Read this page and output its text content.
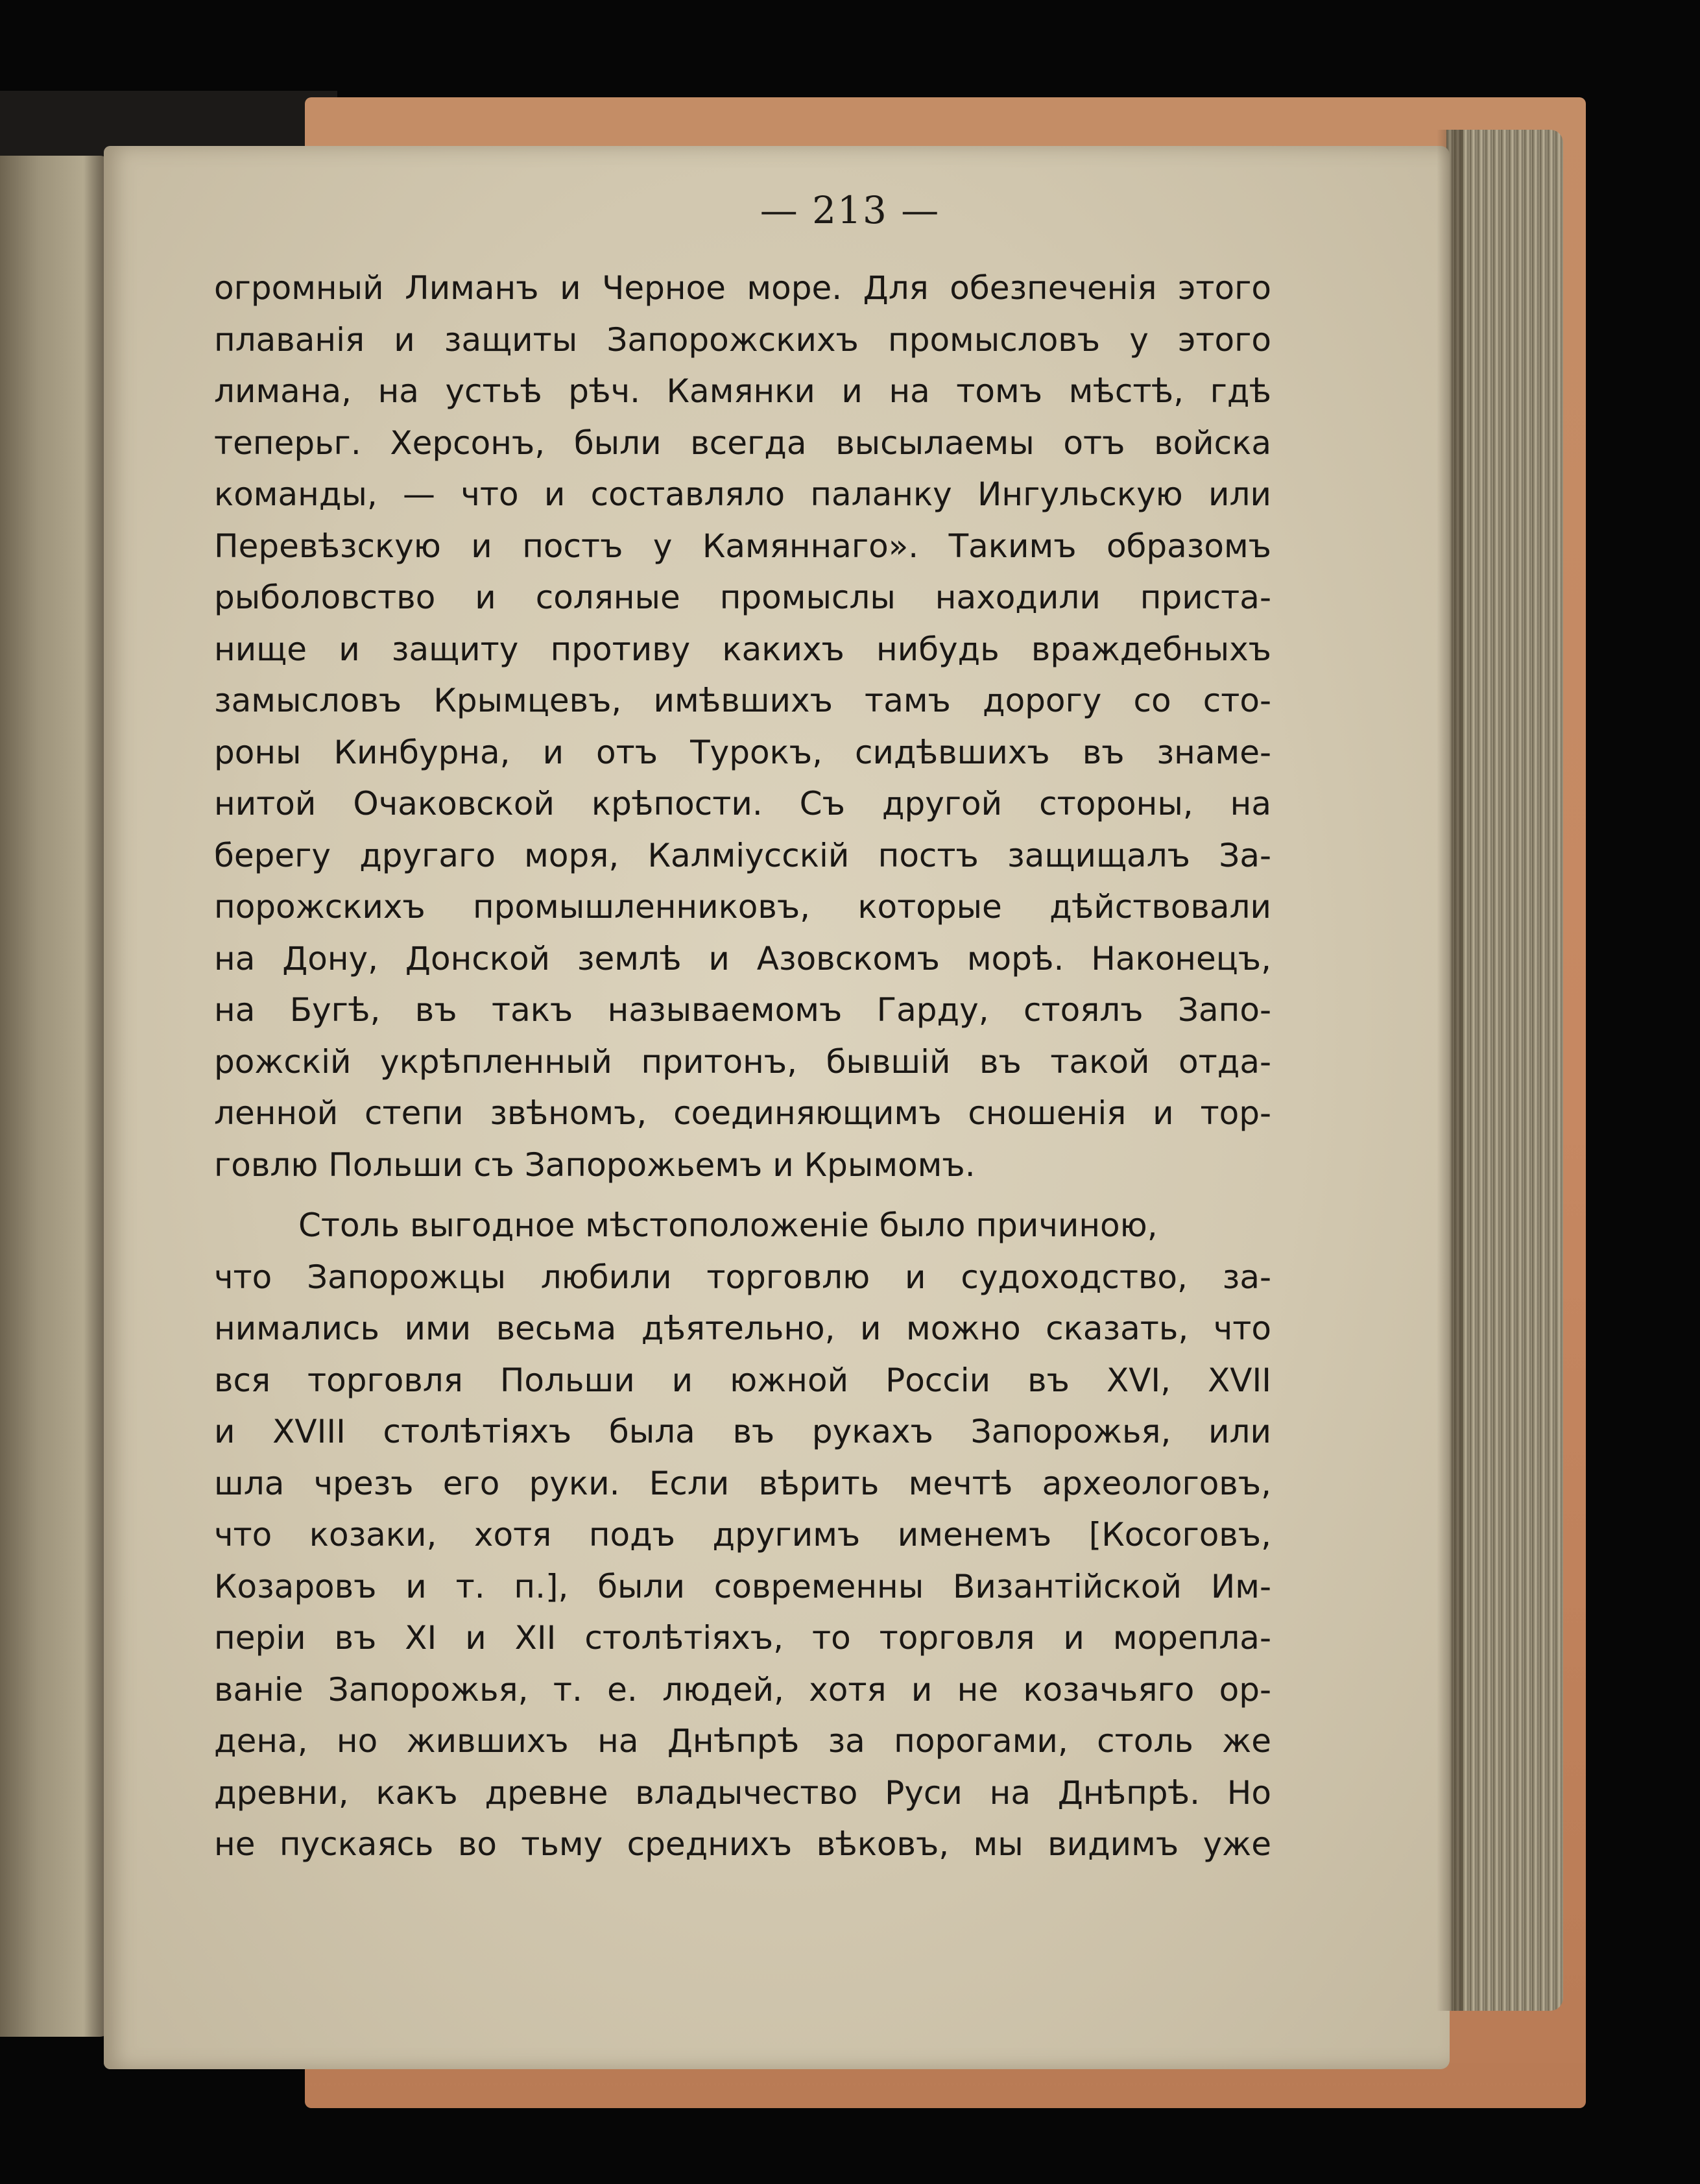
— 213 —
огромный Лиманъ и Черное море. Для обезпеченія этого
плаванія и защиты Запорожскихъ промысловъ у этого
лимана, на устьѣ рѣч. Камянки и на томъ мѣстѣ, гдѣ
теперьг. Херсонъ, были всегда высылаемы отъ войска
команды, — что и составляло паланку Ингульскую или
Перевѣзскую и постъ у Камяннаго». Такимъ образомъ
рыболовство и соляные промыслы находили приста-
нище и защиту противу какихъ нибудь враждебныхъ
замысловъ Крымцевъ, имѣвшихъ тамъ дорогу со сто-
роны Кинбурна, и отъ Турокъ, сидѣвшихъ въ знаме-
нитой Очаковской крѣпости. Съ другой стороны, на
берегу другаго моря, Калміусскій постъ защищалъ За-
порожскихъ промышленниковъ, которые дѣйствовали
на Дону, Донской землѣ и Азовскомъ морѣ. Наконецъ,
на Бугѣ, въ такъ называемомъ Гарду, стоялъ Запо-
рожскій укрѣпленный притонъ, бывшій въ такой отда-
ленной степи звѣномъ, соединяющимъ сношенія и тор-
говлю Польши съ Запорожьемъ и Крымомъ.
Столь выгодное мѣстоположеніе было причиною,
что Запорожцы любили торговлю и судоходство, за-
нимались ими весьма дѣятельно, и можно сказать, что
вся торговля Польши и южной Россіи въ XVI, XVII
и XVIII столѣтіяхъ была въ рукахъ Запорожья, или
шла чрезъ его руки. Если вѣрить мечтѣ археологовъ,
что козаки, хотя подъ другимъ именемъ [Косоговъ,
Козаровъ и т. п.], были современны Византійской Им-
періи въ XI и XII столѣтіяхъ, то торговля и морепла-
ваніе Запорожья, т. е. людей, хотя и не козачьяго ор-
дена, но жившихъ на Днѣпрѣ за порогами, столь же
древни, какъ древне владычество Руси на Днѣпрѣ. Но
не пускаясь во тьму среднихъ вѣковъ, мы видимъ уже
